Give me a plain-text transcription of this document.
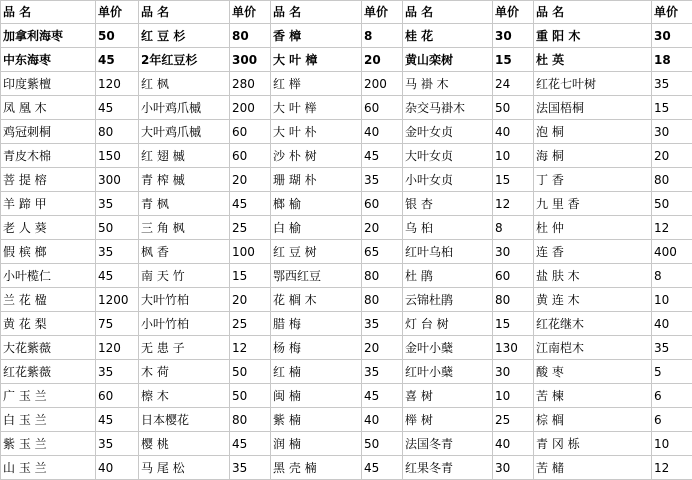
品 名	单价	品 名	单价	品 名	单价	品 名	单价	品 名	单价
加拿利海枣	50	红 豆 杉	80	香 樟	8	桂 花	30	重 阳 木	30
中东海枣	45	2年红豆杉	300	大 叶 樟	20	黄山栾树	15	杜 英	18
印度紫檀	120	红 枫	280	红 榉	200	马 褂 木	24	红花七叶树	35
凤 凰 木	45	小叶鸡爪槭	200	大 叶 榉	60	杂交马褂木	50	法国梧桐	15
鸡冠刺桐	80	大叶鸡爪槭	60	大 叶 朴	40	金叶女贞	40	泡 桐	30
青皮木棉	150	红 翅 槭	60	沙 朴 树	45	大叶女贞	10	海 桐	20
菩 提 榕	300	青 榨 槭	20	珊 瑚 朴	35	小叶女贞	15	丁 香	80
羊 蹄 甲	35	青 枫	45	榔 榆	60	银 杏	12	九 里 香	50
老 人 葵	50	三 角 枫	25	白 榆	20	乌 桕	8	杜 仲	12
假 槟 榔	35	枫 香	100	红 豆 树	65	红叶乌桕	30	连 香	400
小叶榄仁	45	南 天 竹	15	鄂西红豆	80	杜 鹃	60	盐 肤 木	8
兰 花 楹	1200	大叶竹柏	20	花 榈 木	80	云锦杜鹃	80	黄 连 木	10
黄 花 梨	75	小叶竹柏	25	腊 梅	35	灯 台 树	15	红花继木	40
大花紫薇	120	无 患 子	12	杨 梅	20	金叶小蘖	130	江南桤木	35
红花紫薇	35	木 荷	50	红 楠	35	红叶小蘖	30	酸 枣	5
广 玉 兰	60	檫 木	50	闽 楠	45	喜 树	10	苦 楝	6
白 玉 兰	45	日本樱花	80	紫 楠	40	榉 树	25	棕 榈	6
紫 玉 兰	35	樱 桃	45	润 楠	50	法国冬青	40	青 冈 栎	10
山 玉 兰	40	马 尾 松	35	黑 壳 楠	45	红果冬青	30	苦 槠	12
